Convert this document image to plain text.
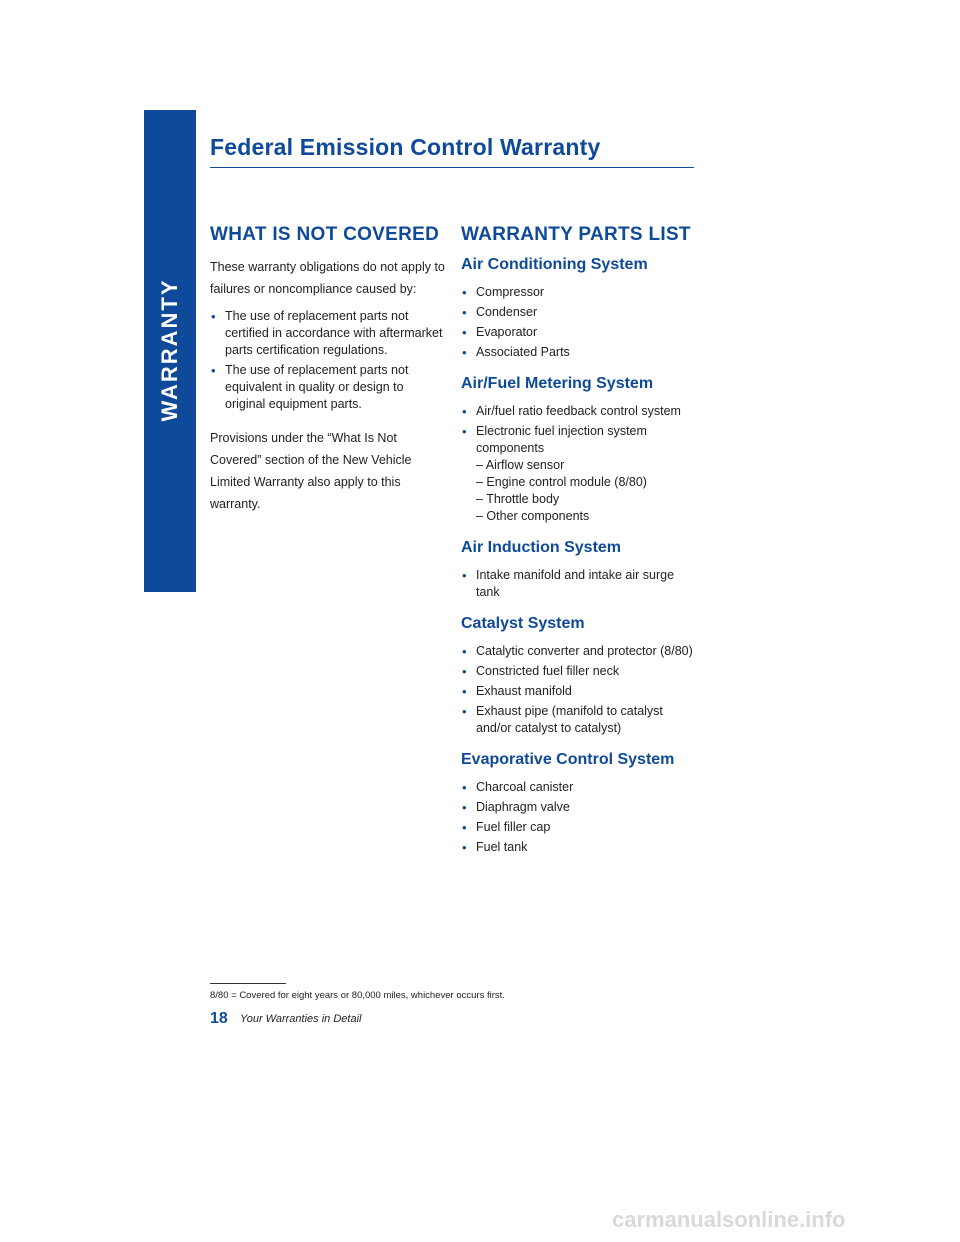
WARRANTY
Federal Emission Control Warranty
WHAT IS NOT COVERED

These warranty obligations do not apply to failures or noncompliance caused by:

• The use of replacement parts not certified in accordance with aftermarket parts certification regulations.
• The use of replacement parts not equivalent in quality or design to original equipment parts.

Provisions under the “What Is Not Covered” section of the New Vehicle Limited Warranty also apply to this warranty.

WARRANTY PARTS LIST
Air Conditioning System
• Compressor
• Condenser
• Evaporator
• Associated Parts
Air/Fuel Metering System
• Air/fuel ratio feedback control system
• Electronic fuel injection system components
– Airflow sensor
– Engine control module (8/80)
– Throttle body
– Other components
Air Induction System
• Intake manifold and intake air surge tank
Catalyst System
• Catalytic converter and protector (8/80)
• Constricted fuel filler neck
• Exhaust manifold
• Exhaust pipe (manifold to catalyst and/or catalyst to catalyst)
Evaporative Control System
• Charcoal canister
• Diaphragm valve
• Fuel filler cap
• Fuel tank

8/80 = Covered for eight years or 80,000 miles, whichever occurs first.

18 Your Warranties in Detail
carmanualsonline.info
